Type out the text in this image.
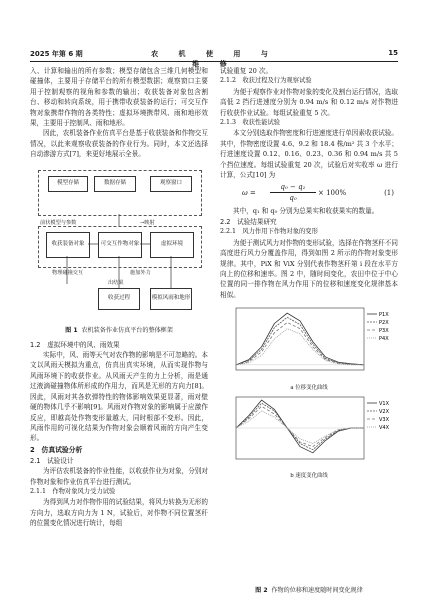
2025 年第 6 期	农 机 使 用 与 维 修
15

入、计算和输出的所有参数；模型存储包含三维几何模型和碰撞体，主要用于存储平台的所有模型数据；观察窗口主要用于控制观察的视角和参数的输出；收获装备对象包含割台、移动和转向系统，用于携带收获装备的运行；可交互作物对象携带作物的各类特性；虚拟环境携带风、雨和地形效果，主要用于控制风、雨和地形。

因此，农机装备作业仿真平台是基于收获装备和作物交互情况，以此来观察收获装备的作业行为。同时，本文还选择自动渗游方式[7]，来更好地展示全景。

模型存储	数据存储	观察窗口
前状模型与参数	→映射
收获装备对象	可交互作物对象	虚拟环境
物理碰撞交互	施加外力
出结果
收获过程	模拟风雨和地形
图 1 农机装备作业仿真平台的整体框架

1.2　虚拟环境中的风、雨效果

实际中，风、雨等天气对农作物的影响是不可忽略的。本文以风雨天模拟为重点，仿真出真实环境，从而实现作物与风雨环境下的收获作业。从风雨天产生的力上分析，雨是通过液滴碰撞物体所形成的作用力，而风是无形的方向力[8]。因此，风雨对其各软弹特性的物体影响效果更显著，雨对壁硬的物体几乎不影响[9]。风雨对作物对象的影响属于应激作反应，即越高处作物变形量越大，同时根部不变形。因此，风雨作用的可视化结果为作物对象会顺着风雨的方向产生变形。

2　仿真试验分析

2.1　试验设计

为评估农机装备的作业性能，以收获作业为对象，分别对作物对象和作业仿真平台进行测试。

2.1.1　作物对象风力受力试验

为得到风力对作物作用的试验结果，将风力转换为无形的方向力，选取方向力为 1 N，试验后，对作物不同位置茎秆的位置变化情况进行统计，每组

试验重复 20 次。

2.1.2　收获过程及行为观察试验

为便于观察作业对作物对象的变化及割台运行情况，选取高低 2 挡行进速度分别为 0.94 m/s 和 0.12 m/s 对作物进行收获作业试验。每组试验重复 5 次。

2.1.3　收获性能试验

本文分别选取作物密度和行进速度进行单因素收获试验。其中，作物密度设置 4.6、9.2 和 18.4 株/m² 共 3 个水平；行进速度设置 0.12、0.16、0.23、0.36 和 0.94 m/s 共 5 个挡位速度。每组试验重复 20 次，试验后对实收率 ω 进行计算，公式[10] 为

$\omega = \frac{\text{q₀ − q₁}}{\text{q₀}} \times 100\%$	(1)

其中，q₁ 和 q₀ 分别为总果实和收获果实的数量。

2.2　试验结果研究

2.2.1　风力作用下作物对象的变形

为便于测试风力对作物的变形试验，选择在作物茎秆不同高度进行风力分覆盖作用，得到如图 2 所示的作物对象变形规律。其中，PiX 和 ViX 分别代表作物茎秆第 i 段在水平方向上的位移和速率。图 2 中，随时间变化，农田中位于中心位置的同一排作物在风力作用下的位移和速度变化规律基本相似。

P1X
P2X
P3X
P4X
a 位移变化曲线
V1X
V2X
V3X
V4X
b 速度变化曲线
图 2 作物的位移和速度随时间变化规律
